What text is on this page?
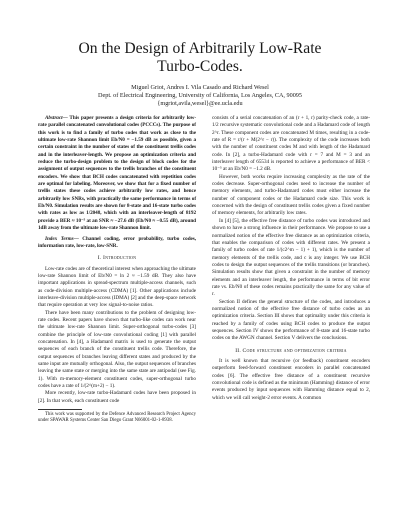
On the Design of Arbitrarily Low-Rate
Turbo-Codes.
Miguel Griot, Andres I. Vila Casado and Richard Wesel
Dept. of Electrical Engineering, University of California, Los Angeles, CA, 90095
{mgriot,avila,wesel}@ee.ucla.edu

Abstract— This paper presents a design criteria for arbitrarily low-rate parallel concatenated convolutional codes (PCCCs). The purpose of this work is to find a family of turbo codes that work as close to the ultimate low-rate Shannon limit Eb/N0 = −1.59 dB as possible, given a certain constraint in the number of states of the constituent trellis codes and in the interleaver-length. We propose an optimization criteria and reduce the turbo-design problem to the design of block codes for the assignment of output sequences to the trellis branches of the constituent encoders. We show that BCH codes concatenated with repetition codes are optimal for labeling. Moreover, we show that for a fixed number of trellis states these codes achieve arbitrarily low rates, and hence arbitrarily low SNRs, with practically the same performance in terms of Eb/N0. Simulation results are shown for 8-state and 16-state turbo codes with rates as low as 1/2048, which with an interleaver-length of 8192 provide a BER ≈ 10⁻⁵ at an SNR ≈ −27.6 dB (Eb/N0 ≈ −0.55 dB), around 1dB away from the ultimate low-rate Shannon limit.

Index Terms— Channel coding, error probability, turbo codes, information rate, low-rate, low-SNR.

I. Introduction

Low-rate codes are of theoretical interest when approaching the ultimate low-rate Shannon limit of Eb/N0 = ln 2 ≈ −1.59 dB. They also have important applications in spread-spectrum multiple-access channels, such as code-division multiple-access (CDMA) [1]. Other applications include interleave-division multiple-access (IDMA) [2] and the deep-space network that require operation at very low signal-to-noise ratios.

There have been many contributions to the problem of designing low-rate codes. Recent papers have shown that turbo-like codes can work near the ultimate low-rate Shannon limit. Super-orthogonal turbo-codes [3] combine the principle of low-rate convolutional coding [1] with parallel concatenation. In [4], a Hadamard matrix is used to generate the output sequences of each branch of the constituent trellis code. Therefore, the output sequences of branches leaving different states and produced by the same input are mutually orthogonal. Also, the output sequences of branches leaving the same state or merging into the same state are antipodal (see Fig. 1). With m-memory-element constituent codes, super-orthogonal turbo codes have a rate of 1/(2^(m+2) − 1).

More recently, low-rate turbo-Hadamard codes have been proposed in [2]. In that work, each constituent code

This work was supported by the Defence Advanced Research Project Agency under SPAWAR Systems Center San Diego Grant N66001-02-1-8938.

consists of a serial concatenation of an (r + 1, r) parity-check code, a rate-1/2 recursive systematic convolutional code and a Hadamard code of length 2^r. These component codes are concatenated M times, resulting in a code-rate of R = r/(r + M(2^r − r)). The complexity of the code increases both with the number of constituent codes M and with length of the Hadamard code. In [2], a turbo-Hadamard code with r = 7 and M = 3 and an interleaver length of 65534 is reported to achieve a performance of BER < 10⁻⁵ at an Eb/N0 = −1.2 dB.

However, both works require increasing complexity as the rate of the codes decrease. Super-orthogonal codes need to increase the number of memory elements, and turbo-Hadamard codes must either increase the number of component codes or the Hadamard code size. This work is concerned with the design of constituent trellis codes given a fixed number of memory elements, for arbitrarily low rates.

In [4] [5], the effective free distance of turbo codes was introduced and shown to have a strong influence in their performance. We propose to use a normalized notion of the effective free distance as an optimization criteria, that enables the comparison of codes with different rates. We present a family of turbo codes of rate 1/(c2^m − 1) + 1), which is the number of memory elements of the trellis code, and c is any integer. We use BCH codes to design the output sequences of the trellis transitions (or branches). Simulation results show that given a constraint in the number of memory elements and an interleaver length, the performance in terms of bit error rate vs. Eb/N0 of these codes remains practically the same for any value of r.

Section II defines the general structure of the codes, and introduces a normalized notion of the effective free distance of turbo codes as an optimization criteria. Section III shows that optimality under this criteria is reached by a family of codes using BCH codes to produce the output sequences. Section IV shows the performance of 8-state and 16-state turbo codes on the AWGN channel. Section V delivers the conclusions.

II. Code structure and optimization criteria

It is well known that recursive (or feedback) constituent encoders outperform feed-forward constituent encoders in parallel concatenated codes [6]. The effective free distance of a constituent recursive convolutional code is defined as the minimum (Hamming) distance of error events produced by input sequences with Hamming distance equal to 2, which we will call weight-2 error events. A common
